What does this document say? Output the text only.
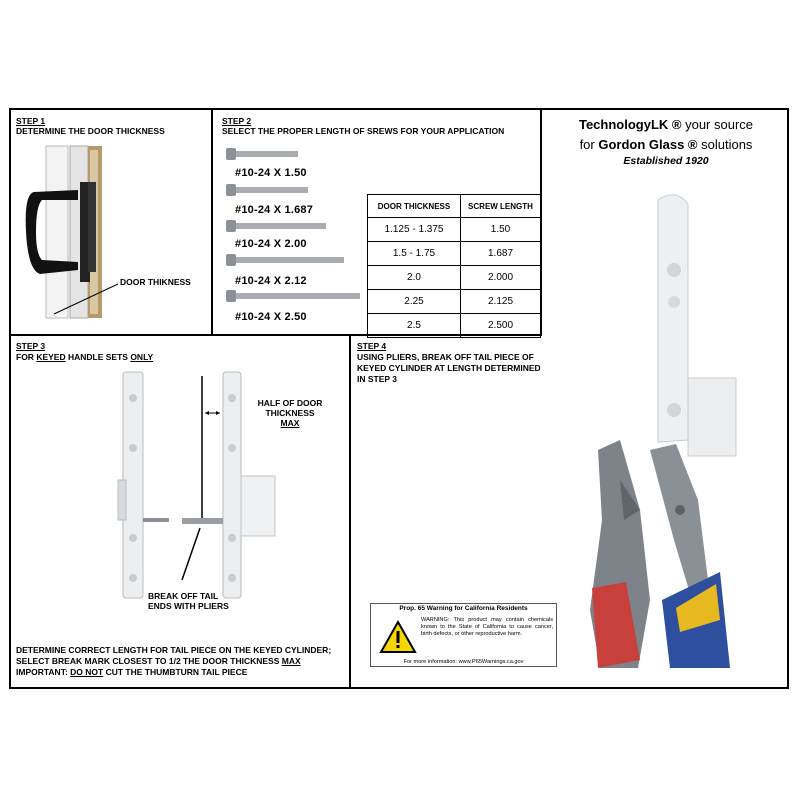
STEP 1
DETERMINE THE DOOR THICKNESS
DOOR THIKNESS
STEP 2
SELECT THE PROPER LENGTH OF SREWS FOR YOUR APPLICATION
#10-24 X 1.50
#10-24 X 1.687
#10-24 X 2.00
#10-24 X 2.12
#10-24 X 2.50
DOOR THICKNESS	SCREW LENGTH
1.125 - 1.375	1.50
1.5 - 1.75	1.687
2.0	2.000
2.25	2.125
2.5	2.500
TechnologyLK ® your source
for Gordon Glass ® solutions
Established 1920
STEP 3
FOR KEYED HANDLE SETS ONLY
HALF OF DOOR
THICKNESS
MAX
BREAK OFF TAIL
ENDS WITH PLIERS
DETERMINE CORRECT LENGTH FOR TAIL PIECE ON THE KEYED CYLINDER;
SELECT BREAK MARK CLOSEST TO 1/2 THE DOOR THICKNESS MAX
IMPORTANT: DO NOT CUT THE THUMBTURN TAIL PIECE
STEP 4
USING PLIERS, BREAK OFF TAIL PIECE OF
KEYED CYLINDER AT LENGTH DETERMINED
IN STEP 3
Prop. 65 Warning for California Residents
WARNING: This product may contain chemicals known to the State of California to cause cancer, birth defects, or other reproductive harm.
For more information: www.P65Warnings.ca.gov
